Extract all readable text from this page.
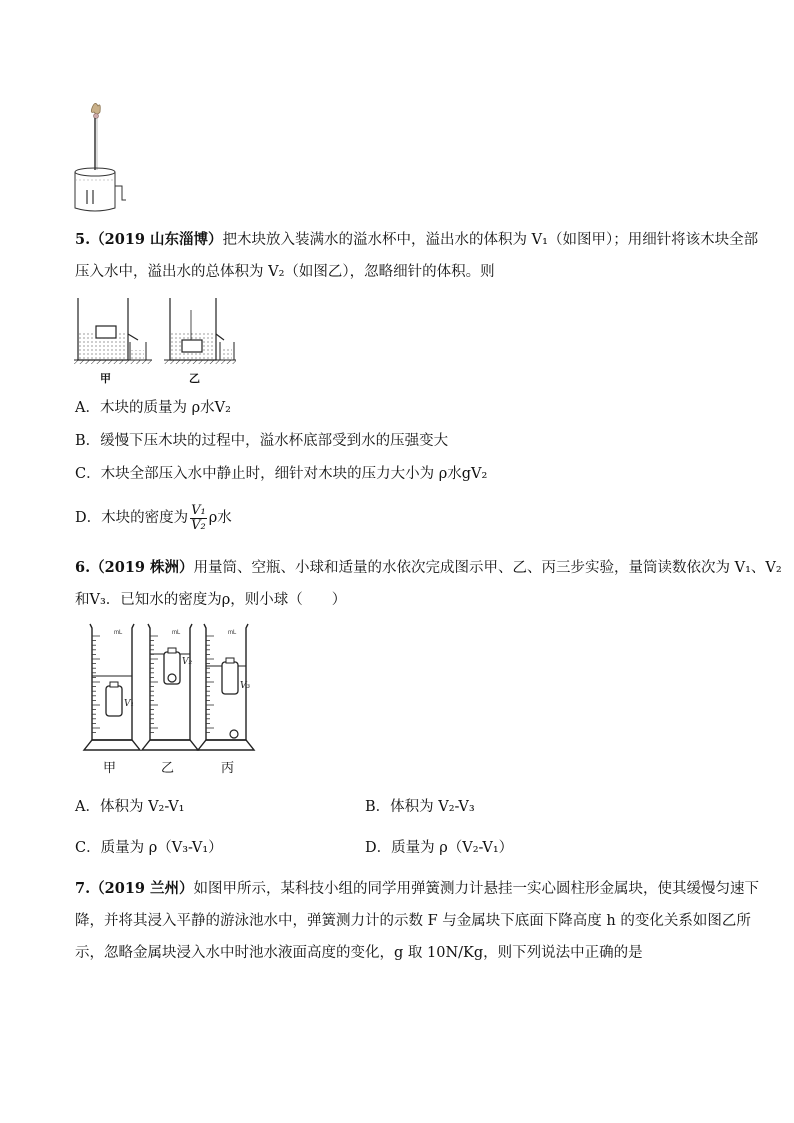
5.（2019 山东淄博）把木块放入装满水的溢水杯中，溢出水的体积为 V₁（如图甲）；用细针将该木块全部
压入水中，溢出水的总体积为 V₂（如图乙），忽略细针的体积。则
甲	乙
A．木块的质量为 ρ水V₂
B．缓慢下压木块的过程中，溢水杯底部受到水的压强变大
C．木块全部压入水中静止时，细针对木块的压力大小为 ρ水gV₂
D．木块的密度为 $\frac{\text{V₁}}{\text{V₂}}$ ρ水
6.（2019 株洲）用量筒、空瓶、小球和适量的水依次完成图示甲、乙、丙三步实验，量筒读数依次为 V₁、V₂
和V₃．已知水的密度为ρ，则小球（　　）
mL	mL	mL
V₁
V₂
V₃
甲	乙	丙
A．体积为 V₂-V₁	B．体积为 V₂-V₃
C．质量为 ρ（V₃-V₁）	D．质量为 ρ（V₂-V₁）
7.（2019 兰州）如图甲所示，某科技小组的同学用弹簧测力计悬挂一实心圆柱形金属块，使其缓慢匀速下
降，并将其浸入平静的游泳池水中，弹簧测力计的示数 F 与金属块下底面下降高度 h 的变化关系如图乙所
示，忽略金属块浸入水中时池水液面高度的变化，g 取 10N/Kg，则下列说法中正确的是
